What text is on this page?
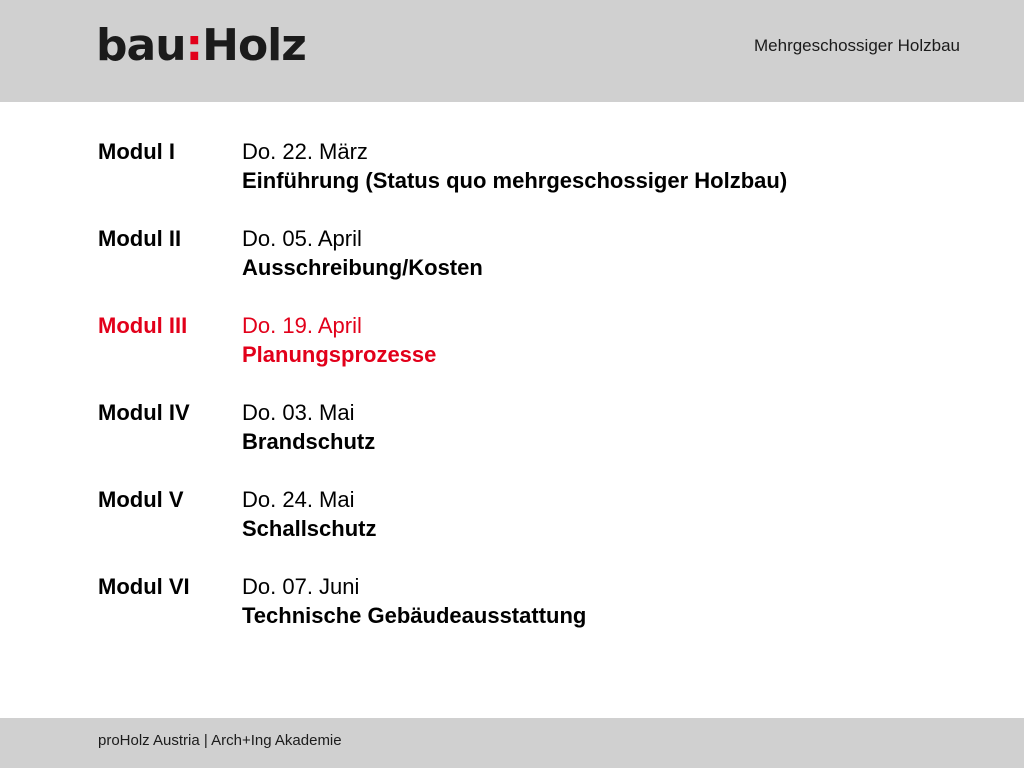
bau:Holz	Mehrgeschossiger Holzbau
Modul I	Do. 22. März
Einführung (Status quo mehrgeschossiger Holzbau)
Modul II	Do. 05. April
Ausschreibung/Kosten
Modul III	Do. 19. April
Planungsprozesse
Modul IV	Do. 03. Mai
Brandschutz
Modul V	Do. 24. Mai
Schallschutz
Modul VI	Do. 07. Juni
Technische Gebäudeausstattung
proHolz Austria | Arch+Ing Akademie
